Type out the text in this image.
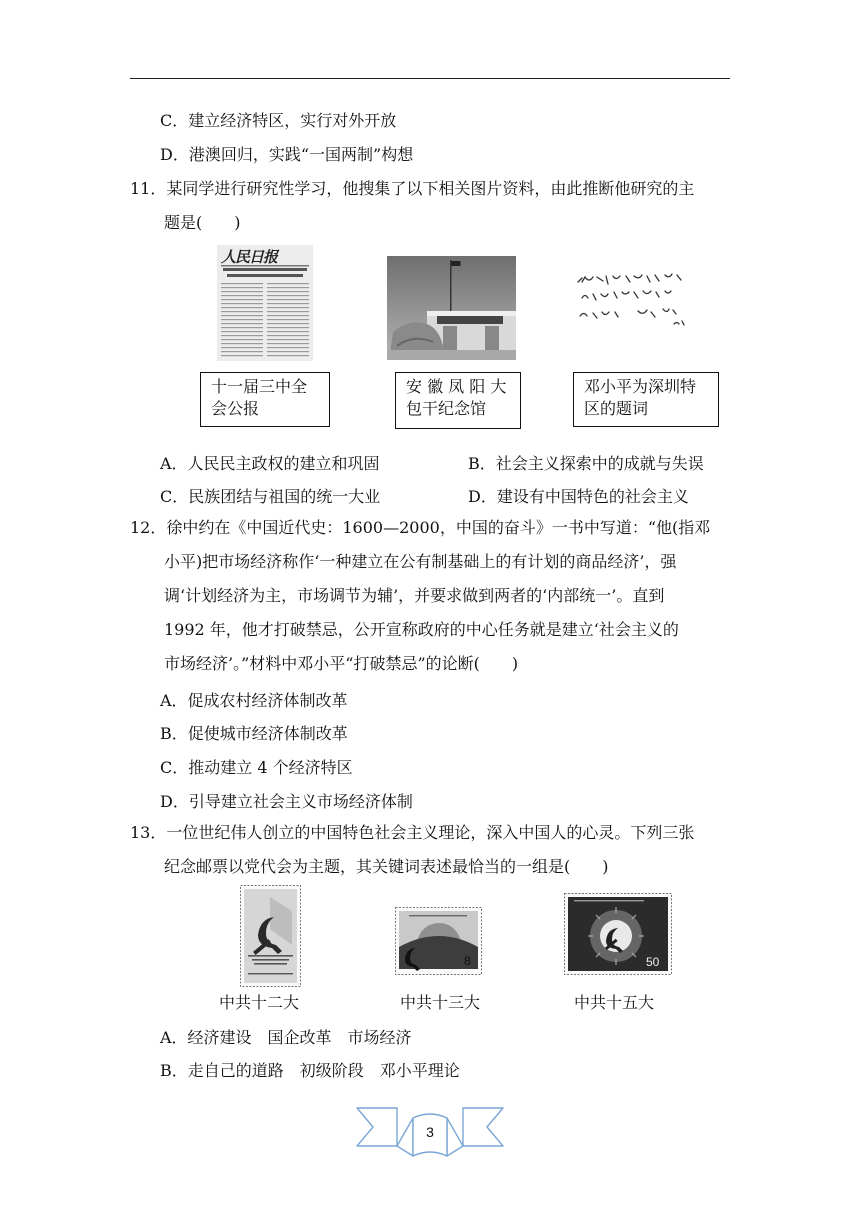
C．建立经济特区，实行对外开放
D．港澳回归，实践“一国两制”构想
11．某同学进行研究性学习，他搜集了以下相关图片资料，由此推断他研究的主
题是(　　)
人民日报
十一届三中全
会公报
安 徽 凤 阳 大
包干纪念馆
邓小平为深圳特
区的题词
A．人民民主政权的建立和巩固	B．社会主义探索中的成就与失误
C．民族团结与祖国的统一大业	D．建设有中国特色的社会主义
12．徐中约在《中国近代史：1600—2000，中国的奋斗》一书中写道：“他(指邓
小平)把市场经济称作‘一种建立在公有制基础上的有计划的商品经济’，强
调‘计划经济为主，市场调节为辅’，并要求做到两者的‘内部统一’。直到
1992 年，他才打破禁忌，公开宣称政府的中心任务就是建立‘社会主义的
市场经济’。”材料中邓小平“打破禁忌”的论断(　　)
A．促成农村经济体制改革
B．促使城市经济体制改革
C．推动建立 4 个经济特区
D．引导建立社会主义市场经济体制
13．一位世纪伟人创立的中国特色社会主义理论，深入中国人的心灵。下列三张
纪念邮票以党代会为主题，其关键词表述最恰当的一组是(　　)
8	50
中共十二大	中共十三大	中共十五大
A．经济建设　国企改革　市场经济
B．走自己的道路　初级阶段　邓小平理论
3
